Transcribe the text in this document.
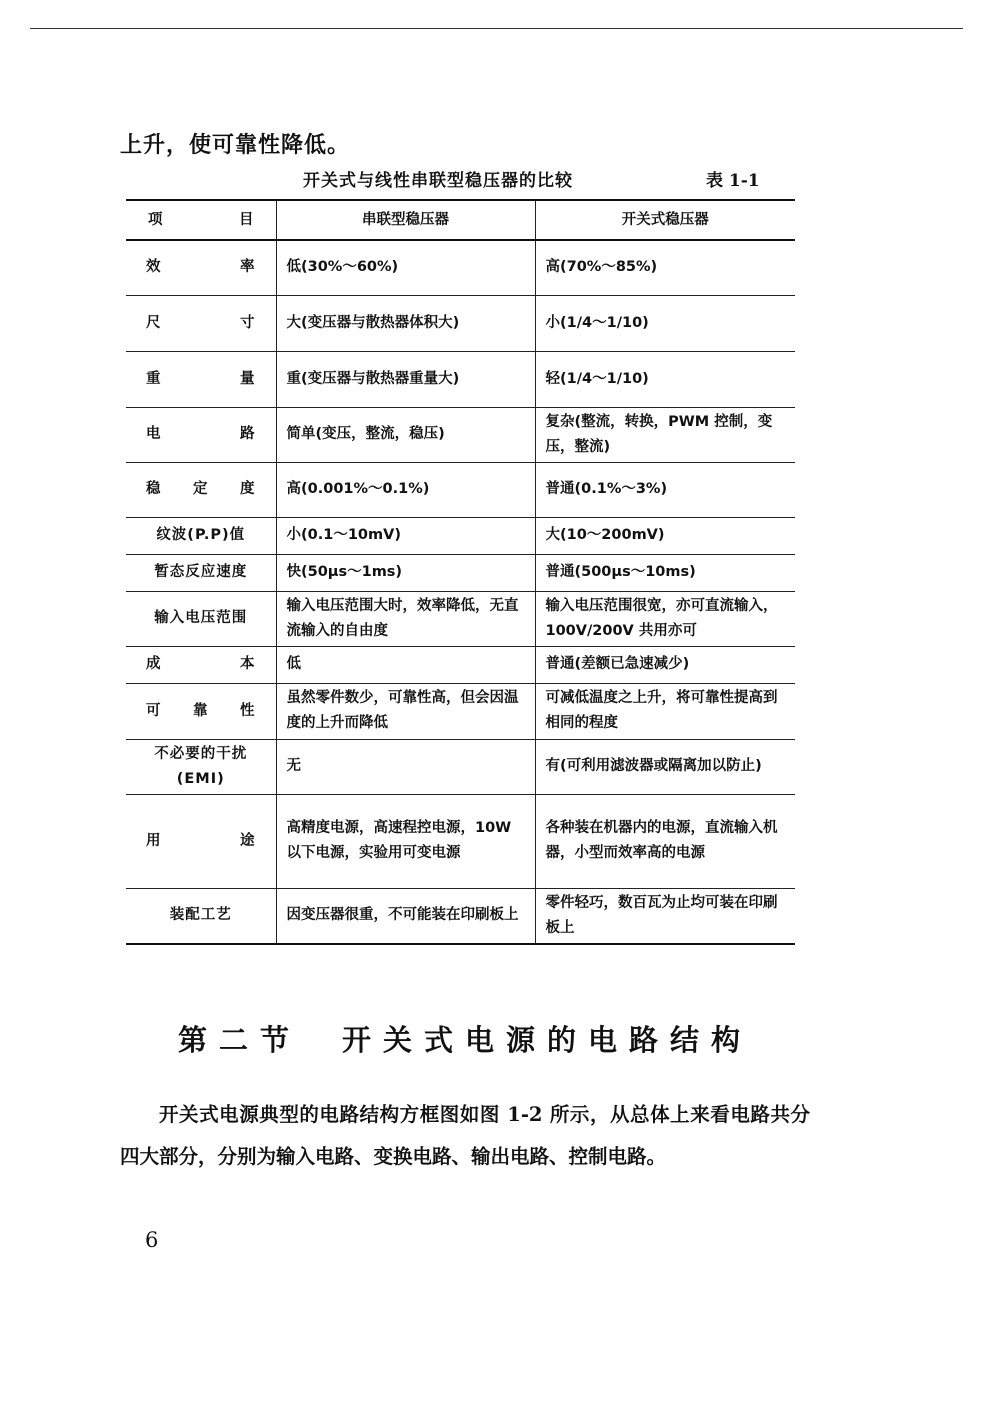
上升，使可靠性降低。
开关式与线性串联型稳压器的比较	表 1-1
项 目	串联型稳压器	开关式稳压器

效 率	低(30%～60%)	高(70%～85%)

尺 寸	大(变压器与散热器体积大)	小(1/4～1/10)

重 量	重(变压器与散热器重量大)	轻(1/4～1/10)

电 路	简单(变压，整流，稳压)	复杂(整流，转换，PWM 控制，变压，整流)

稳 定 度	高(0.001%～0.1%)	普通(0.1%～3%)
纹波(P.P)值	小(0.1～10mV)	大(10～200mV)
暂态反应速度	快(50μs～1ms)	普通(500μs～10ms)
输入电压范围	输入电压范围大时，效率降低，无直流输入的自由度	输入电压范围很宽，亦可直流输入，100V/200V 共用亦可

成 本	低	普通(差额已急速减少)

可 靠 性	虽然零件数少，可靠性高，但会因温度的上升而降低	可减低温度之上升，将可靠性提高到相同的程度
不必要的干扰(EMI)	无	有(可利用滤波器或隔离加以防止)

用 途	高精度电源，高速程控电源，10W 以下电源，实验用可变电源	各种装在机器内的电源，直流输入机器，小型而效率高的电源
装配工艺	因变压器很重，不可能装在印刷板上	零件轻巧，数百瓦为止均可装在印刷板上
第二节　开关式电源的电路结构
开关式电源典型的电路结构方框图如图 1-2 所示，从总体上来看电路共分四大部分，分别为输入电路、变换电路、输出电路、控制电路。
6
